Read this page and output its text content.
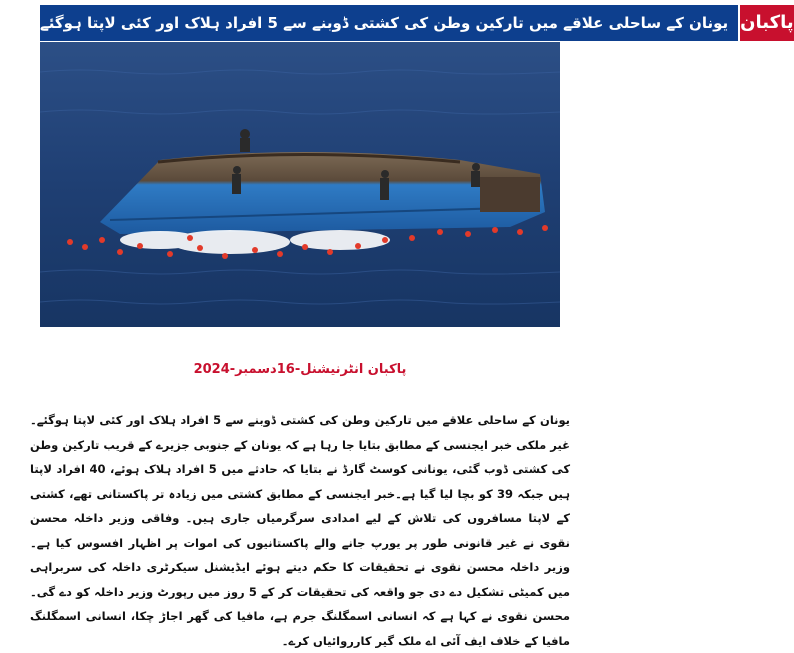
یونان کے ساحلی علاقے میں تارکین وطن کی کشتی ڈوبنے سے 5 افراد ہلاک اور کئی لاپتا ہوگئے پاکبان
پاکبان انٹرنیشنل-16دسمبر-2024
یونان کے ساحلی علاقے میں تارکین وطن کی کشتی ڈوبنے سے 5 افراد ہلاک اور کئی لاپتا ہوگئے۔غیر ملکی خبر ایجنسی کے مطابق بتایا جا رہا ہے کہ یونان کے جنوبی جزیرے کے قریب تارکین وطن کی کشتی ڈوب گئی، یونانی کوسٹ گارڈ نے بتایا کہ حادثے میں 5 افراد ہلاک ہوئے، 40 افراد لاپتا ہیں جبکہ 39 کو بچا لیا گیا ہے۔خبر ایجنسی کے مطابق کشتی میں زیادہ تر پاکستانی تھے، کشتی کے لاپتا مسافروں کی تلاش کے لیے امدادی سرگرمیاں جاری ہیں۔ وفاقی وزیر داخلہ محسن نقوی نے غیر قانونی طور پر یورپ جانے والے پاکستانیوں کی اموات پر اظہار افسوس کیا ہے۔وزیر داخلہ محسن نقوی نے تحقیقات کا حکم دیتے ہوئے ایڈیشنل سیکرٹری داخلہ کی سربراہی میں کمیٹی تشکیل دے دی جو واقعہ کی تحقیقات کر کے 5 روز میں رپورٹ وزیر داخلہ کو دے گی۔محسن نقوی نے کہا ہے کہ انسانی اسمگلنگ جرم ہے، مافیا کی گھر اجاڑ چکا، انسانی اسمگلنگ مافیا کے خلاف ایف آئی اے ملک گیر کارروائیاں کرے۔
